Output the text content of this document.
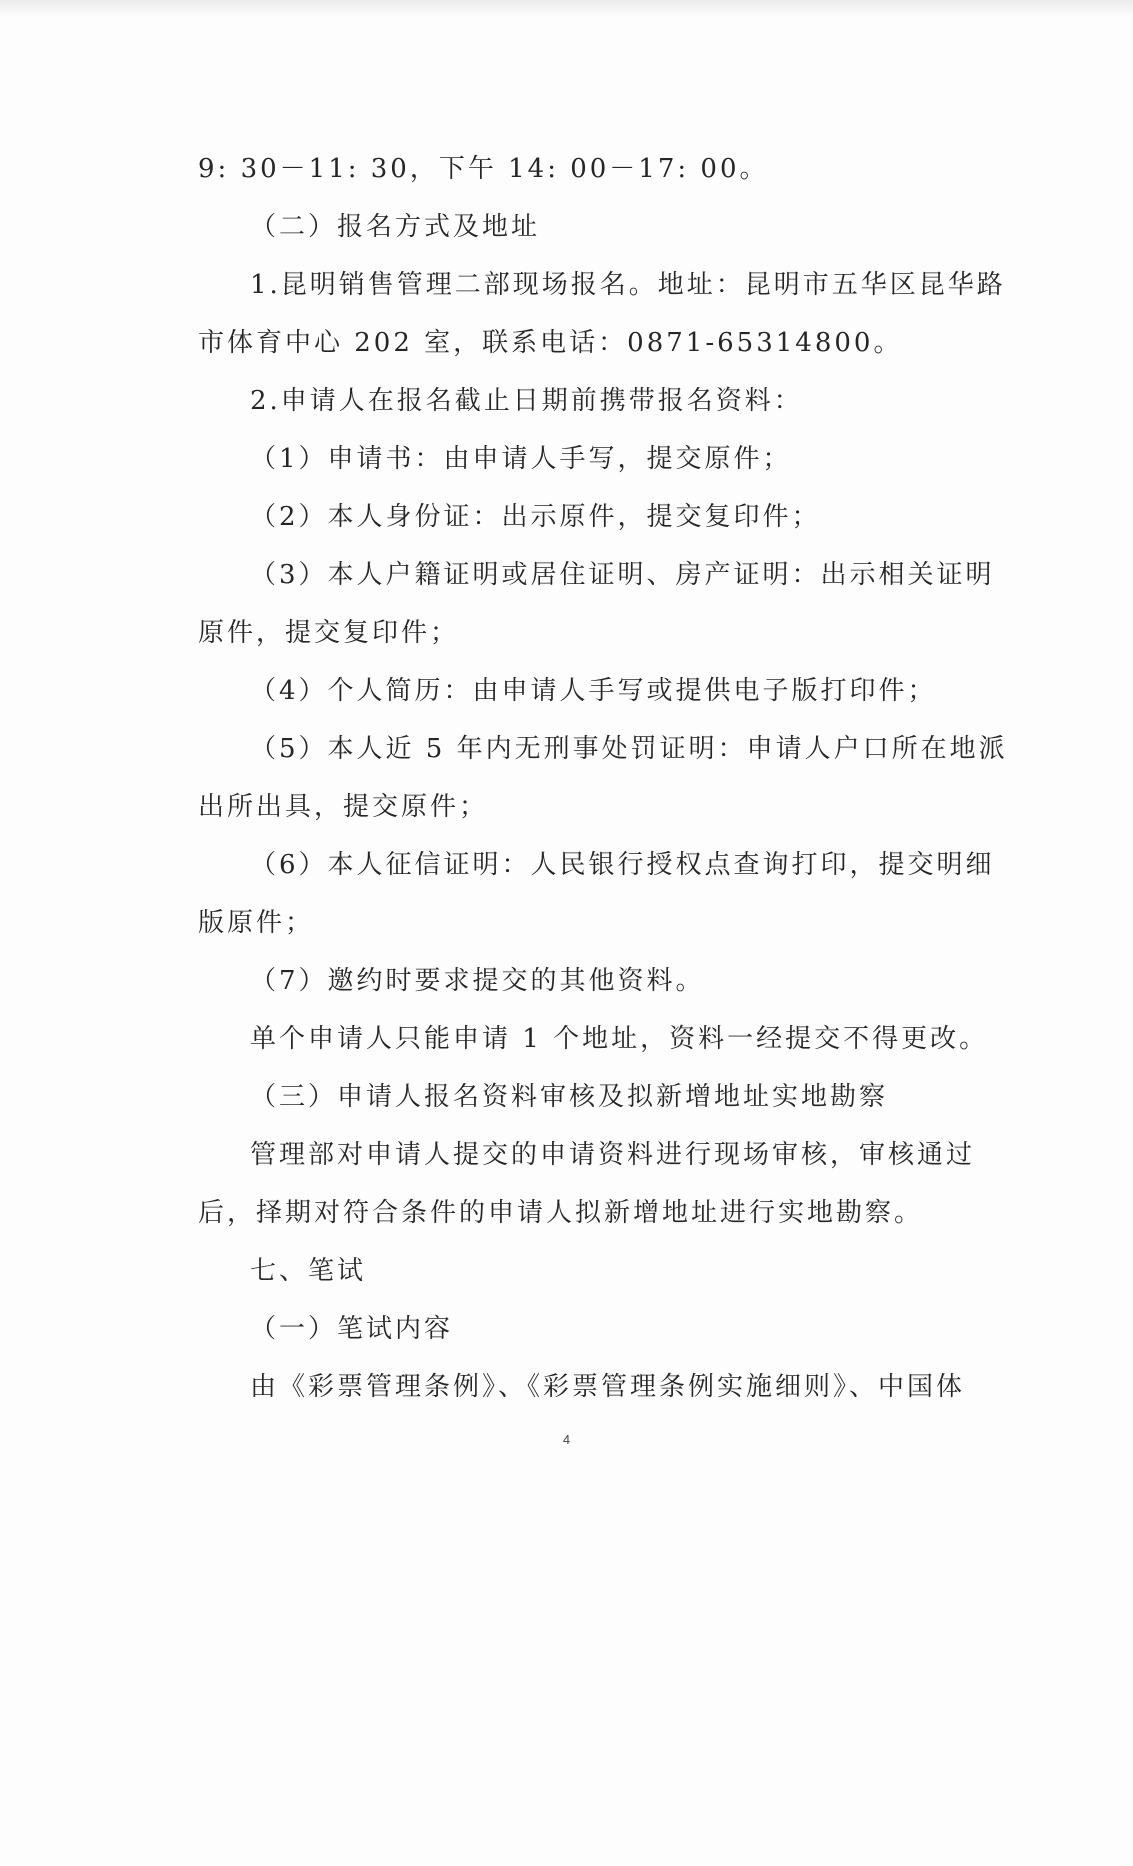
9: 30－11: 30，下午 14: 00－17: 00。
（二）报名方式及地址
1.昆明销售管理二部现场报名。地址：昆明市五华区昆华路
市体育中心 202 室，联系电话：0871-65314800。
2.申请人在报名截止日期前携带报名资料：
（1）申请书：由申请人手写，提交原件；
（2）本人身份证：出示原件，提交复印件；
（3）本人户籍证明或居住证明、房产证明：出示相关证明
原件，提交复印件；
（4）个人简历：由申请人手写或提供电子版打印件；
（5）本人近 5 年内无刑事处罚证明：申请人户口所在地派
出所出具，提交原件；
（6）本人征信证明：人民银行授权点查询打印，提交明细
版原件；
（7）邀约时要求提交的其他资料。
单个申请人只能申请 1 个地址，资料一经提交不得更改。
（三）申请人报名资料审核及拟新增地址实地勘察
管理部对申请人提交的申请资料进行现场审核，审核通过
后，择期对符合条件的申请人拟新增地址进行实地勘察。
七、笔试
（一）笔试内容
由《彩票管理条例》、《彩票管理条例实施细则》、中国体
4
